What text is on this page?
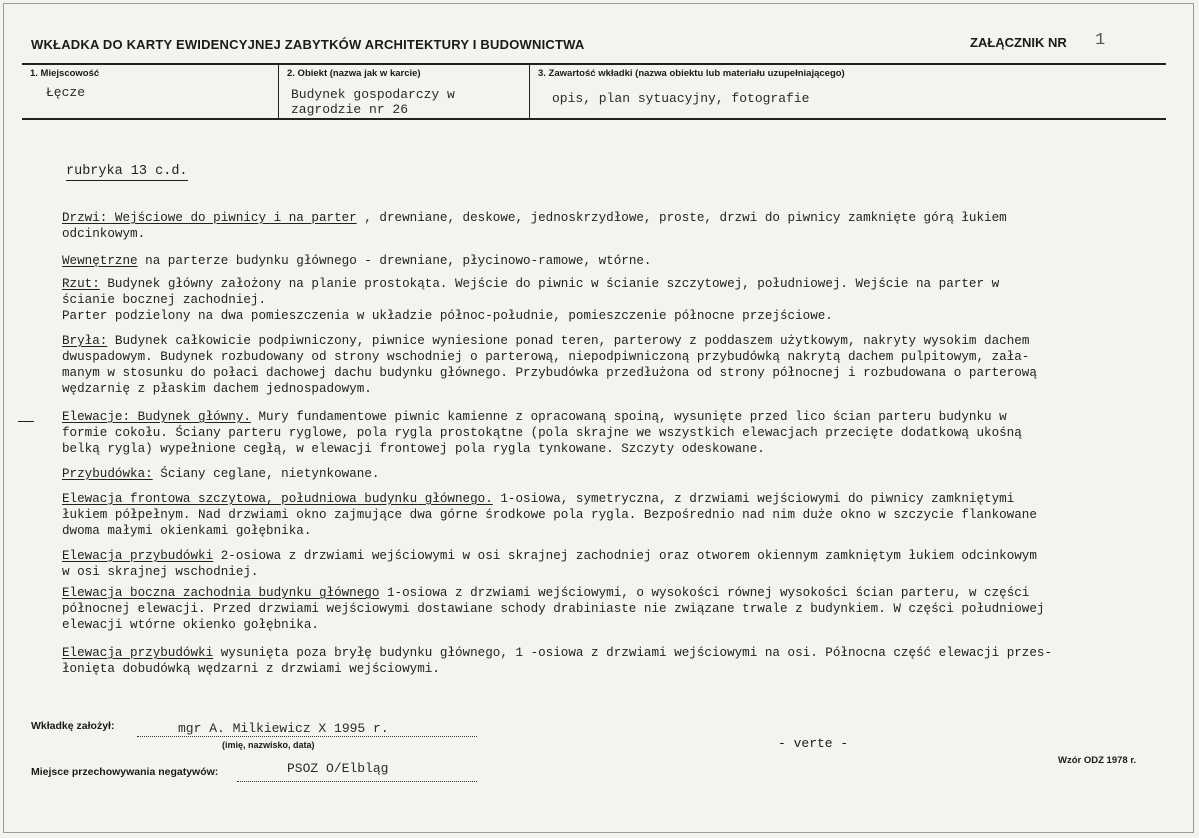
WKŁADKA DO KARTY EWIDENCYJNEJ ZABYTKÓW ARCHITEKTURY I BUDOWNICTWA	ZAŁĄCZNIK NR 1
1. Miejscowość
Łęcze
2. Obiekt (nazwa jak w karcie)
Budynek gospodarczy w
zagrodzie nr 26
3. Zawartość wkładki (nazwa obiektu lub materiału uzupełniającego)
opis, plan sytuacyjny, fotografie
rubryka 13 c.d.

Drzwi: Wejściowe do piwnicy i na parter , drewniane, deskowe, jednoskrzydłowe, proste, drzwi do piwnicy zamknięte górą łukiem
odcinkowym.

Wewnętrzne na parterze budynku głównego - drewniane, płycinowo-ramowe, wtórne.

Rzut: Budynek główny założony na planie prostokąta. Wejście do piwnic w ścianie szczytowej, południowej. Wejście na parter w
ścianie bocznej zachodniej.
Parter podzielony na dwa pomieszczenia w układzie północ-południe, pomieszczenie północne przejściowe.

Bryła: Budynek całkowicie podpiwniczony, piwnice wyniesione ponad teren, parterowy z poddaszem użytkowym, nakryty wysokim dachem
dwuspadowym. Budynek rozbudowany od strony wschodniej o parterową, niepodpiwniczoną przybudówką nakrytą dachem pulpitowym, zała-
manym w stosunku do połaci dachowej dachu budynku głównego. Przybudówka przedłużona od strony północnej i rozbudowana o parterową
wędzarnię z płaskim dachem jednospadowym.

Elewacje: Budynek główny. Mury fundamentowe piwnic kamienne z opracowaną spoiną, wysunięte przed lico ścian parteru budynku w
formie cokołu. Ściany parteru ryglowe, pola rygla prostokątne (pola skrajne we wszystkich elewacjach przecięte dodatkową ukośną
belką rygla) wypełnione cegłą, w elewacji frontowej pola rygla tynkowane. Szczyty odeskowane.

Przybudówka: Ściany ceglane, nietynkowane.

Elewacja frontowa szczytowa, południowa budynku głównego. 1-osiowa, symetryczna, z drzwiami wejściowymi do piwnicy zamkniętymi
łukiem półpełnym. Nad drzwiami okno zajmujące dwa górne środkowe pola rygla. Bezpośrednio nad nim duże okno w szczycie flankowane
dwoma małymi okienkami gołębnika.

Elewacja przybudówki 2-osiowa z drzwiami wejściowymi w osi skrajnej zachodniej oraz otworem okiennym zamkniętym łukiem odcinkowym
w osi skrajnej wschodniej.

Elewacja boczna zachodnia budynku głównego 1-osiowa z drzwiami wejściowymi, o wysokości równej wysokości ścian parteru, w części
północnej elewacji. Przed drzwiami wejściowymi dostawiane schody drabiniaste nie związane trwale z budynkiem. W części południowej
elewacji wtórne okienko gołębnika.

Elewacja przybudówki wysunięta poza bryłę budynku głównego, 1 -osiowa z drzwiami wejściowymi na osi. Północna część elewacji przes-
łonięta dobudówką wędzarni z drzwiami wejściowymi.

Wkładkę założył:	mgr A. Milkiewicz X 1995 r.
(imię, nazwisko, data)
Miejsce przechowywania negatywów:	PSOZ O/Elbląg
- verte -
Wzór ODZ 1978 r.
